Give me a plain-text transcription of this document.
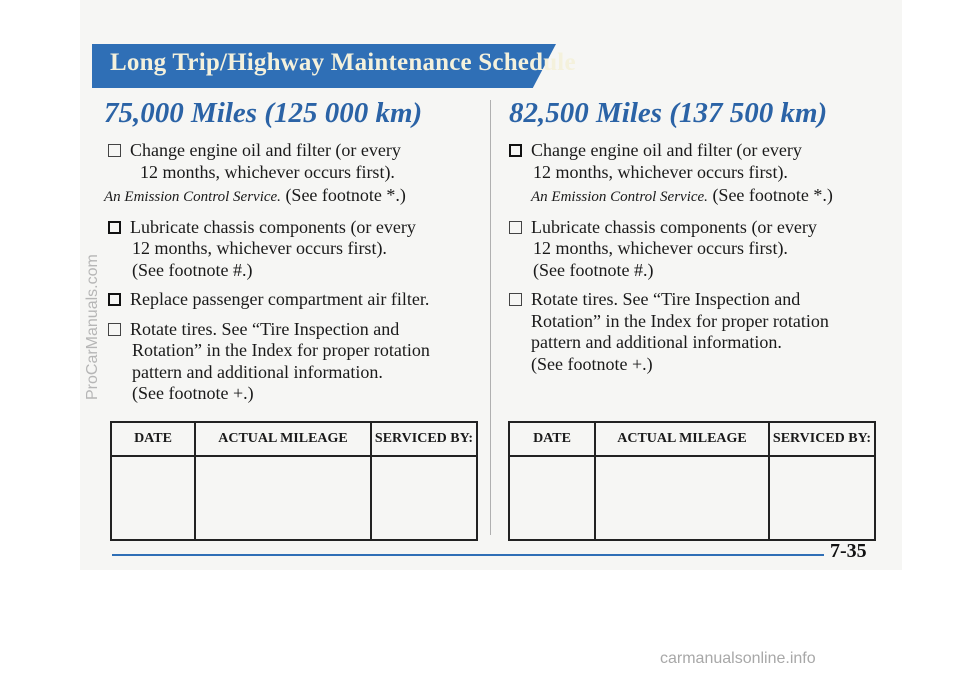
Long Trip/Highway Maintenance Schedule
75,000 Miles (125 000 km)
Change engine oil and filter (or every
12 months, whichever occurs first).
An Emission Control Service. (See footnote *.)
Lubricate chassis components (or every
12 months, whichever occurs first).
(See footnote #.)
Replace passenger compartment air filter.
Rotate tires. See “Tire Inspection and
Rotation” in the Index for proper rotation
pattern and additional information.
(See footnote +.)
DATE	ACTUAL MILEAGE	SERVICED BY:

82,500 Miles (137 500 km)
Change engine oil and filter (or every
12 months, whichever occurs first).
An Emission Control Service. (See footnote *.)
Lubricate chassis components (or every
12 months, whichever occurs first).
(See footnote #.)
Rotate tires. See “Tire Inspection and
Rotation” in the Index for proper rotation
pattern and additional information.
(See footnote +.)
DATE	ACTUAL MILEAGE	SERVICED BY:

7-35
ProCarManuals.com
carmanualsonline.info
